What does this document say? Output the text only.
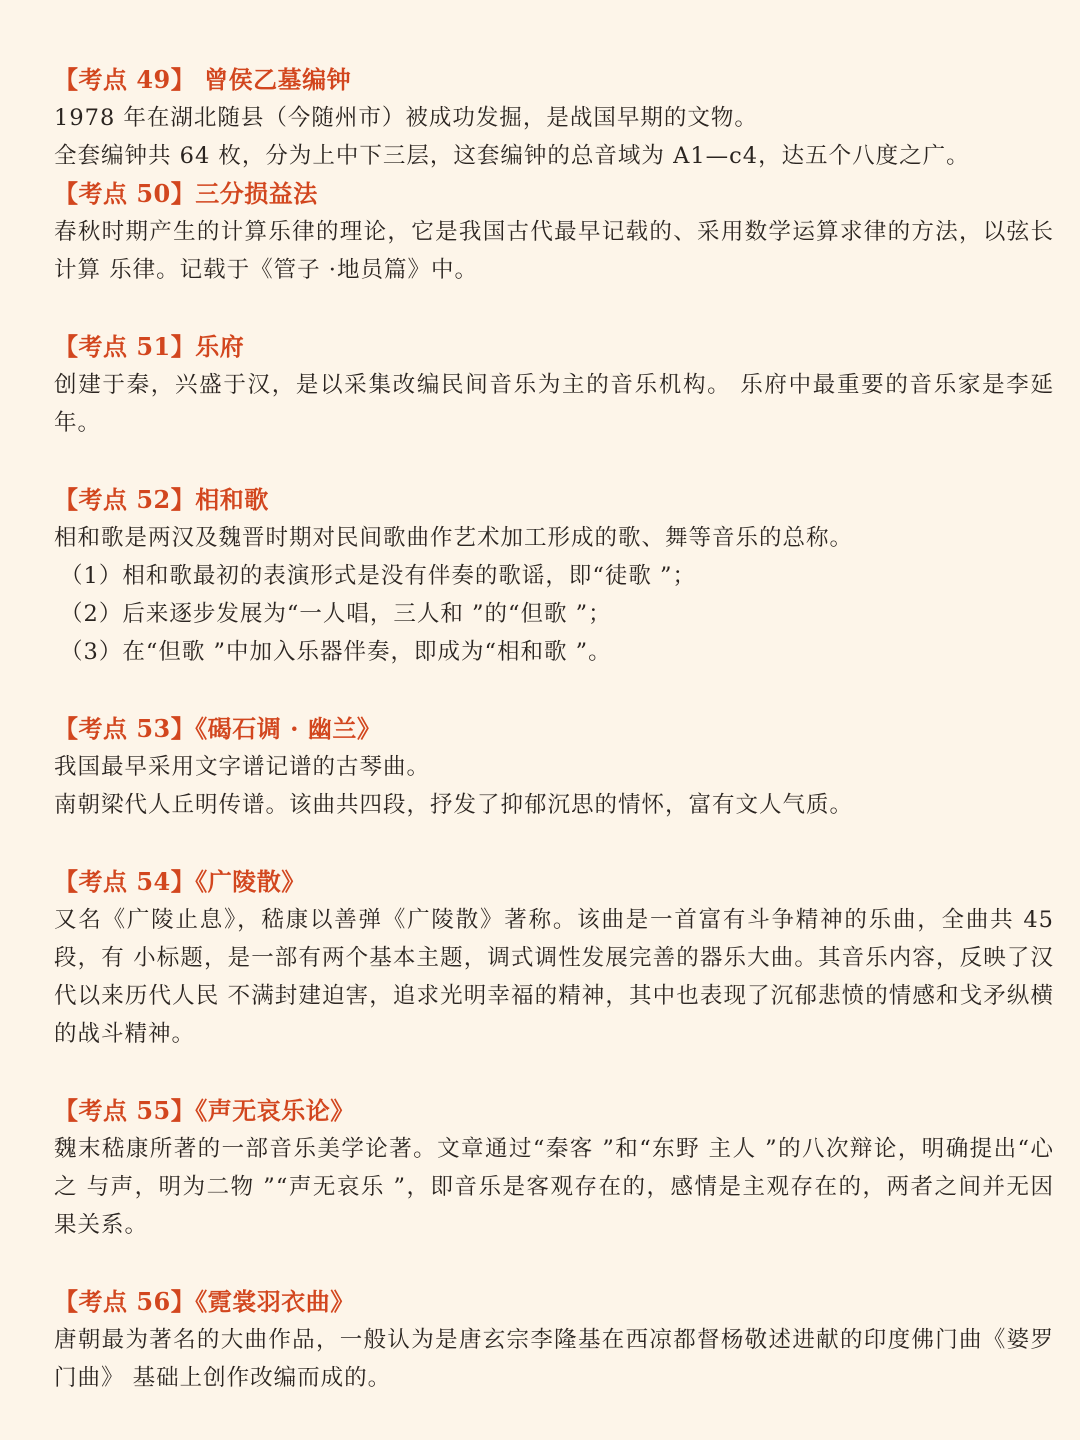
【考点 49】 曾侯乙墓编钟

1978 年在湖北随县（今随州市）被成功发掘，是战国早期的文物。

全套编钟共 64 枚，分为上中下三层，这套编钟的总音域为 A1—c4，达五个八度之广。

【考点 50】三分损益法

春秋时期产生的计算乐律的理论，它是我国古代最早记载的、采用数学运算求律的方法，以弦长计算 乐律。记载于《管子 ·地员篇》中。

【考点 51】乐府

创建于秦，兴盛于汉，是以采集改编民间音乐为主的音乐机构。 乐府中最重要的音乐家是李延年。

【考点 52】相和歌

相和歌是两汉及魏晋时期对民间歌曲作艺术加工形成的歌、舞等音乐的总称。

（1）相和歌最初的表演形式是没有伴奏的歌谣，即“徒歌 ”；

（2）后来逐步发展为“一人唱，三人和 ”的“但歌 ”；

（3）在“但歌 ”中加入乐器伴奏，即成为“相和歌 ”。

【考点 53】《碣石调 · 幽兰》

我国最早采用文字谱记谱的古琴曲。

南朝梁代人丘明传谱。该曲共四段，抒发了抑郁沉思的情怀，富有文人气质。

【考点 54】《广陵散》

又名《广陵止息》，嵇康以善弹《广陵散》著称。该曲是一首富有斗争精神的乐曲，全曲共 45 段，有 小标题，是一部有两个基本主题，调式调性发展完善的器乐大曲。其音乐内容，反映了汉代以来历代人民 不满封建迫害，追求光明幸福的精神，其中也表现了沉郁悲愤的情感和戈矛纵横的战斗精神。

【考点 55】《声无哀乐论》

魏末嵇康所著的一部音乐美学论著。文章通过“秦客 ”和“东野 主人 ”的八次辩论，明确提出“心之 与声，明为二物 ”“声无哀乐 ”，即音乐是客观存在的，感情是主观存在的，两者之间并无因果关系。

【考点 56】《霓裳羽衣曲》

唐朝最为著名的大曲作品，一般认为是唐玄宗李隆基在西凉都督杨敬述进献的印度佛门曲《婆罗门曲》 基础上创作改编而成的。
